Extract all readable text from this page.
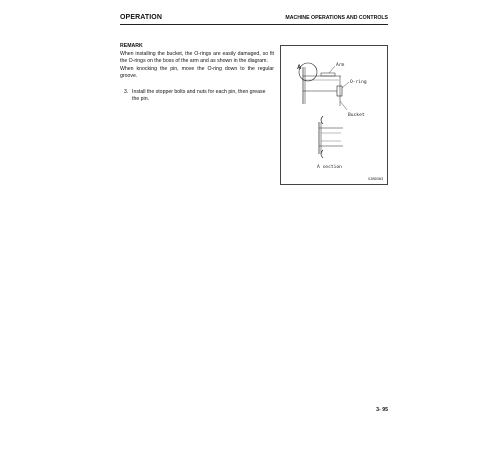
OPERATION	MACHINE OPERATIONS AND CONTROLS
REMARK
When installing the bucket, the O-rings are easily damaged, so fit the O-rings on the boss of the arm and as shown in the diagram.
When knocking the pin, move the O-ring down to the regular groove.
3. Install the stopper bolts and nuts for each pin, then grease the pin.
A	Arm
O-ring
Bucket
A section
SJB0303
3- 95
